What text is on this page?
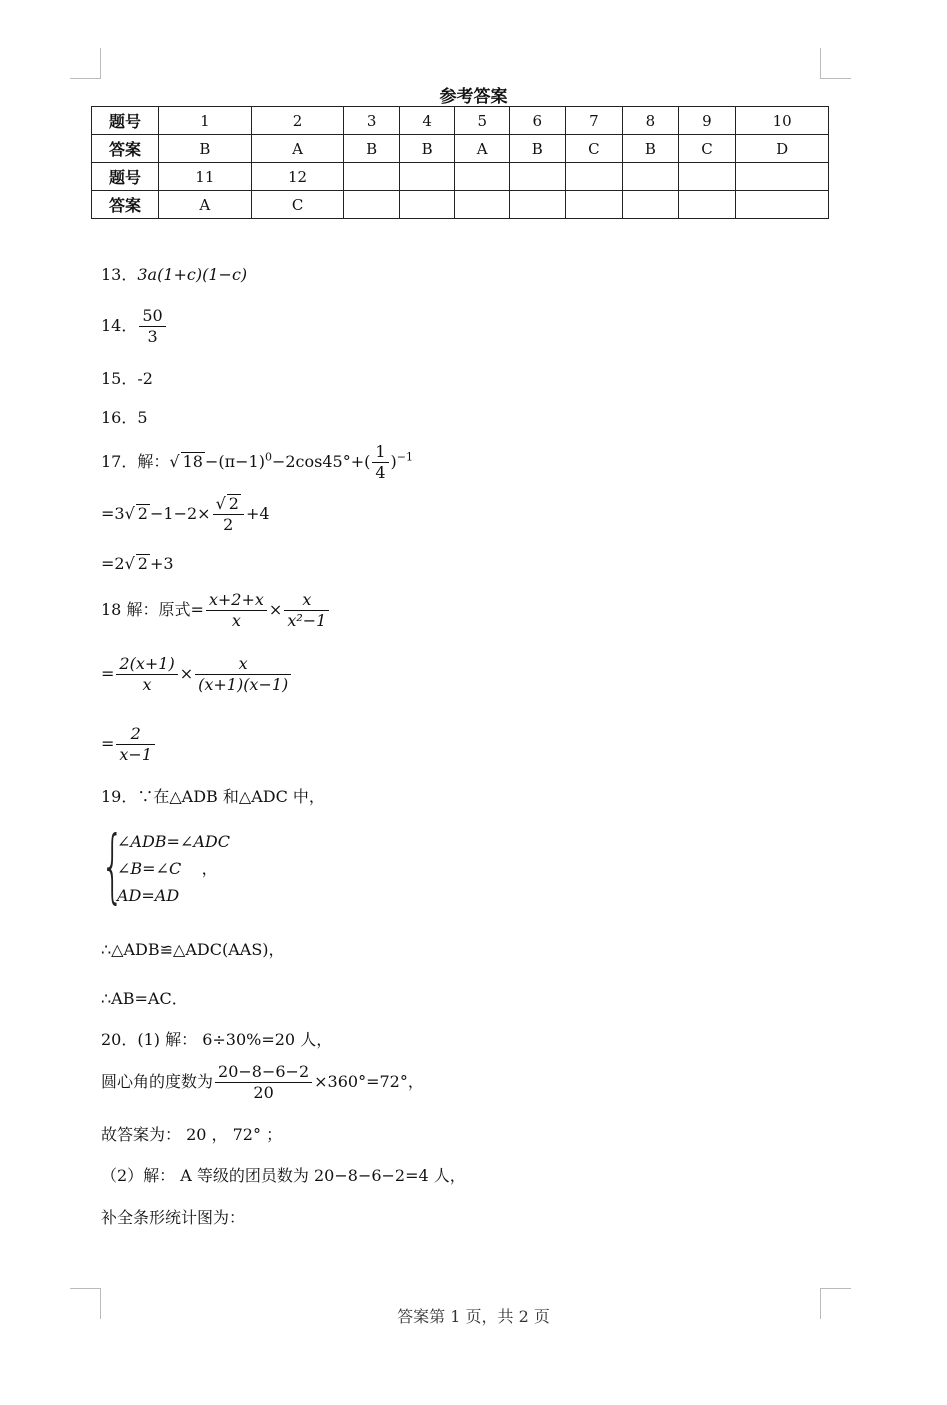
参考答案
题号	1	2	3	4	5	6	7	8	9	10
答案	B	A	B	B	A	B	C	B	C	D
题号	11	12								
答案	A	C								
13．3a(1+c)(1−c)
14． $\frac{50}{3}$
15．-2
16．5
17．解：√ $18 -(\pi-1)^0-2\cos 45^\circ+( \frac{1}{4} )^{-1}$
=3√ $2 -1-2\times \frac{√ 2}{2} +4$
=2√ 2 +3
18 解：原式= $\frac{x+2+x}{x} \times \frac{x}{\text{x²−1}}$
= $\frac{2(x+1)}{x} \times \frac{x}{(x+1)(x-1)}$
= $\frac{2}{x-1}$
19．∵在△ADB 和△ADC 中，
{
∠ADB=∠ADC
∠B=∠C ，
AD=AD
∴△ADB≌△ADC(AAS)，
∴AB=AC．
20．(1) 解： 6÷30%=20 人，
圆心角的度数为 $\frac{20-8-6-2}{20} \times 360^\circ=72^\circ$，
故答案为： 20 ， 72° ；
（2）解： A 等级的团员数为 20−8−6−2=4 人，
补全条形统计图为：
答案第 1 页，共 2 页
